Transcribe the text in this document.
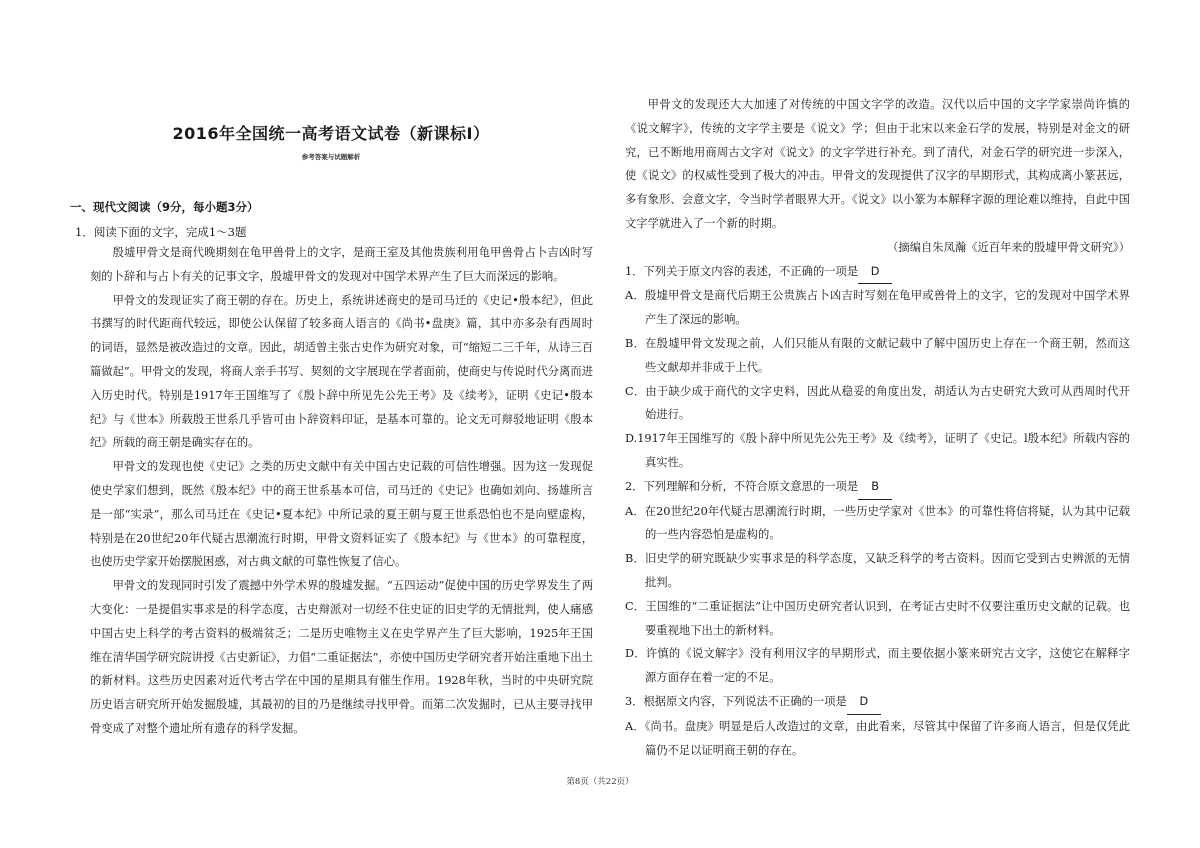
2016年全国统一高考语文试卷（新课标Ⅰ）
参考答案与试题解析
一、现代文阅读（9分，每小题3分）
1．阅读下面的文字，完成1～3题

殷墟甲骨文是商代晚期刻在龟甲兽骨上的文字，是商王室及其他贵族利用龟甲兽骨占卜吉凶时写刻的卜辞和与占卜有关的记事文字，殷墟甲骨文的发现对中国学术界产生了巨大而深远的影响。

甲骨文的发现证实了商王朝的存在。历史上，系统讲述商史的是司马迁的《史记•殷本纪》，但此书撰写的时代距商代较远，即使公认保留了较多商人语言的《尚书•盘庚》篇，其中亦多杂有西周时的词语，显然是被改造过的文章。因此，胡适曾主张古史作为研究对象，可“缩短二三千年，从诗三百篇做起”。甲骨文的发现，将商人亲手书写、契刻的文字展现在学者面前，使商史与传说时代分离而进入历史时代。特别是1917年王国维写了《殷卜辞中所见先公先王考》及《续考》，证明《史记•殷本纪》与《世本》所载殷王世系几乎皆可由卜辞资料印证，是基本可靠的。论文无可辩驳地证明《殷本纪》所载的商王朝是确实存在的。

甲骨文的发现也使《史记》之类的历史文献中有关中国古史记载的可信性增强。因为这一发现促使史学家们想到，既然《殷本纪》中的商王世系基本可信，司马迁的《史记》也确如刘向、扬雄所言是一部“实录”，那么司马迁在《史记•夏本纪》中所记录的夏王朝与夏王世系恐怕也不是向壁虚构，特别是在20世纪20年代疑古思潮流行时期，甲骨文资料证实了《殷本纪》与《世本》的可靠程度，也使历史学家开始摆脱困惑，对古典文献的可靠性恢复了信心。

甲骨文的发现同时引发了震撼中外学术界的殷墟发掘。“五四运动”促使中国的历史学界发生了两大变化：一是提倡实事求是的科学态度，古史辩派对一切经不住史证的旧史学的无情批判，使人痛感中国古史上科学的考古资料的极端贫乏；二是历史唯物主义在史学界产生了巨大影响，1925年王国维在清华国学研究院讲授《古史新证》，力倡“二重证据法”，亦使中国历史学研究者开始注重地下出土的新材料。这些历史因素对近代考古学在中国的星期具有催生作用。1928年秋，当时的中央研究院历史语言研究所开始发掘殷墟，其最初的目的乃是继续寻找甲骨。而第二次发掘时，已从主要寻找甲骨变成了对整个遗址所有遗存的科学发掘。

甲骨文的发现还大大加速了对传统的中国文字学的改造。汉代以后中国的文字学家崇尚许慎的《说文解字》，传统的文字学主要是《说文》学；但由于北宋以来金石学的发展，特别是对金文的研究，已不断地用商周古文字对《说文》的文字学进行补充。到了清代，对金石学的研究进一步深入，使《说文》的权威性受到了极大的冲击。甲骨文的发现提供了汉字的早期形式，其构成离小篆甚远，多有象形、会意文字，令当时学者眼界大开。《说文》以小篆为本解释字源的理论难以维持，自此中国文字学就进入了一个新的时期。

（摘编自朱凤瀚《近百年来的殷墟甲骨文研究》）

1．下列关于原文内容的表述，不正确的一项是 D

A．殷墟甲骨文是商代后期王公贵族占卜凶吉时写刻在龟甲或兽骨上的文字，它的发现对中国学术界产生了深远的影响。

B．在殷墟甲骨文发现之前，人们只能从有限的文献记载中了解中国历史上存在一个商王朝，然而这些文献却并非成于上代。

C．由于缺少成于商代的文字史料，因此从稳妥的角度出发，胡适认为古史研究大致可从西周时代开始进行。

D.1917年王国维写的《殷卜辞中所见先公先王考》及《续考》，证明了《史记。l殷本纪》所载内容的真实性。

2．下列理解和分析，不符合原文意思的一项是 B

A．在20世纪20年代疑古思潮流行时期，一些历史学家对《世本》的可靠性将信将疑，认为其中记载的一些内容恐怕是虚构的。

B．旧史学的研究既缺少实事求是的科学态度，又缺乏科学的考古资料。因而它受到古史辨派的无情批判。

C．王国维的“二重证据法”让中国历史研究者认识到，在考证古史时不仅要注重历史文献的记载。也要重视地下出土的新材料。

D．许慎的《说文解字》没有利用汉字的早期形式，而主要依据小篆来研究古文字，这使它在解释字源方面存在着一定的不足。

3．根据原文内容，下列说法不正确的一项是 D

A．《尚书。盘庚》明显是后人改造过的文章，由此看来，尽管其中保留了许多商人语言，但是仅凭此篇仍不足以证明商王朝的存在。

第8页（共22页）
